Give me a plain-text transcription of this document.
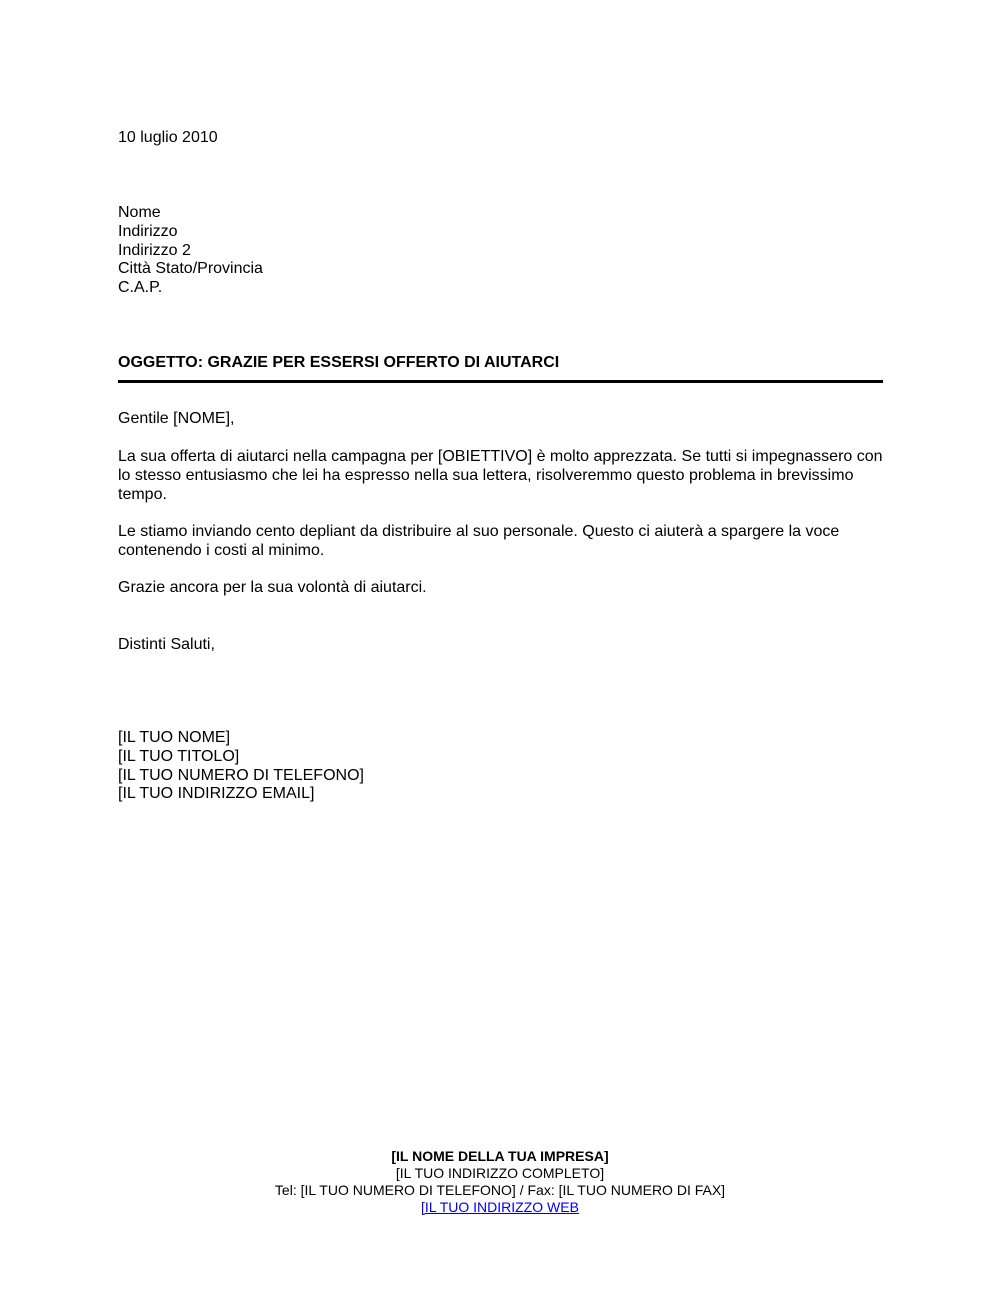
10 luglio 2010

Nome

Indirizzo

Indirizzo 2

Città Stato/Provincia

C.A.P.

OGGETTO: GRAZIE PER ESSERSI OFFERTO DI AIUTARCI

Gentile [NOME],

La sua offerta di aiutarci nella campagna per [OBIETTIVO] è molto apprezzata. Se tutti si impegnassero con lo stesso entusiasmo che lei ha espresso nella sua lettera, risolveremmo questo problema in brevissimo tempo.

Le stiamo inviando cento depliant da distribuire al suo personale. Questo ci aiuterà a spargere la voce contenendo i costi al minimo.

Grazie ancora per la sua volontà di aiutarci.

Distinti Saluti,

[IL TUO NOME]

[IL TUO TITOLO]

[IL TUO NUMERO DI TELEFONO]

[IL TUO INDIRIZZO EMAIL]

[IL NOME DELLA TUA IMPRESA]
[IL TUO INDIRIZZO COMPLETO]
Tel: [IL TUO NUMERO DI TELEFONO] / Fax: [IL TUO NUMERO DI FAX]
[IL TUO INDIRIZZO WEB
